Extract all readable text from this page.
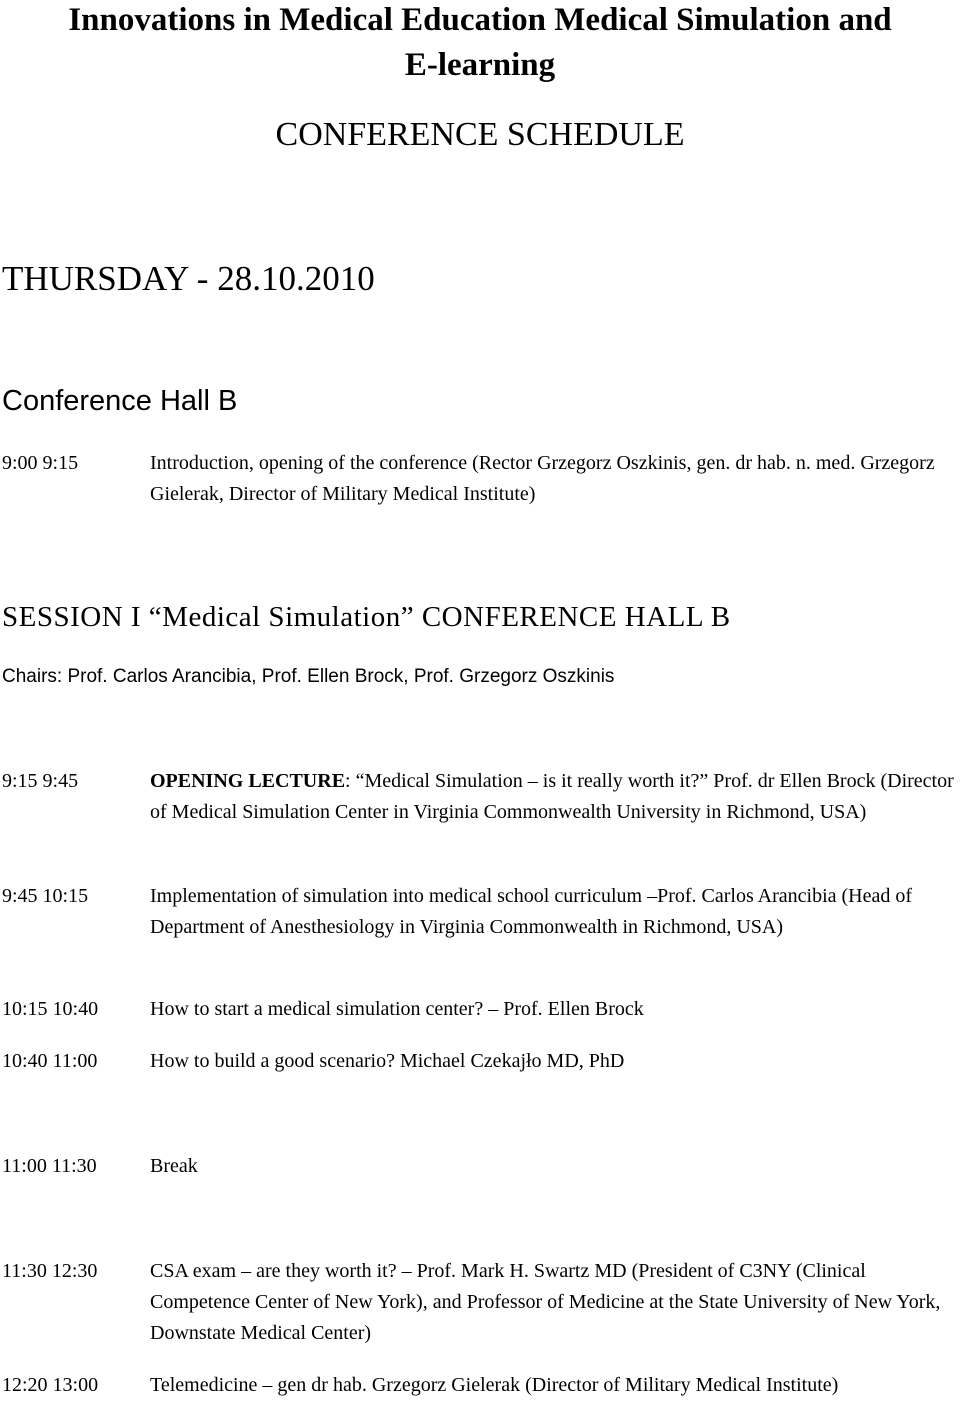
Innovations in Medical Education Medical Simulation and
E-learning
CONFERENCE SCHEDULE
THURSDAY - 28.10.2010
Conference Hall B
9:00 9:15	Introduction, opening of the conference (Rector Grzegorz Oszkinis, gen. dr hab. n. med. Grzegorz Gielerak, Director of Military Medical Institute)
SESSION I “Medical Simulation” CONFERENCE HALL B
Chairs: Prof. Carlos Arancibia, Prof. Ellen Brock, Prof. Grzegorz Oszkinis
9:15 9:45	OPENING LECTURE: “Medical Simulation – is it really worth it?” Prof. dr Ellen Brock (Director of Medical Simulation Center in Virginia Commonwealth University in Richmond, USA)
9:45 10:15	Implementation of simulation into medical school curriculum –Prof. Carlos Arancibia (Head of Department of Anesthesiology in Virginia Commonwealth in Richmond, USA)
10:15 10:40	How to start a medical simulation center? – Prof. Ellen Brock
10:40 11:00	How to build a good scenario? Michael Czekajło MD, PhD
11:00 11:30	Break
11:30 12:30	CSA exam – are they worth it? – Prof. Mark H. Swartz MD (President of C3NY (Clinical Competence Center of New York), and Professor of Medicine at the State University of New York, Downstate Medical Center)
12:20 13:00	Telemedicine – gen dr hab. Grzegorz Gielerak (Director of Military Medical Institute)
